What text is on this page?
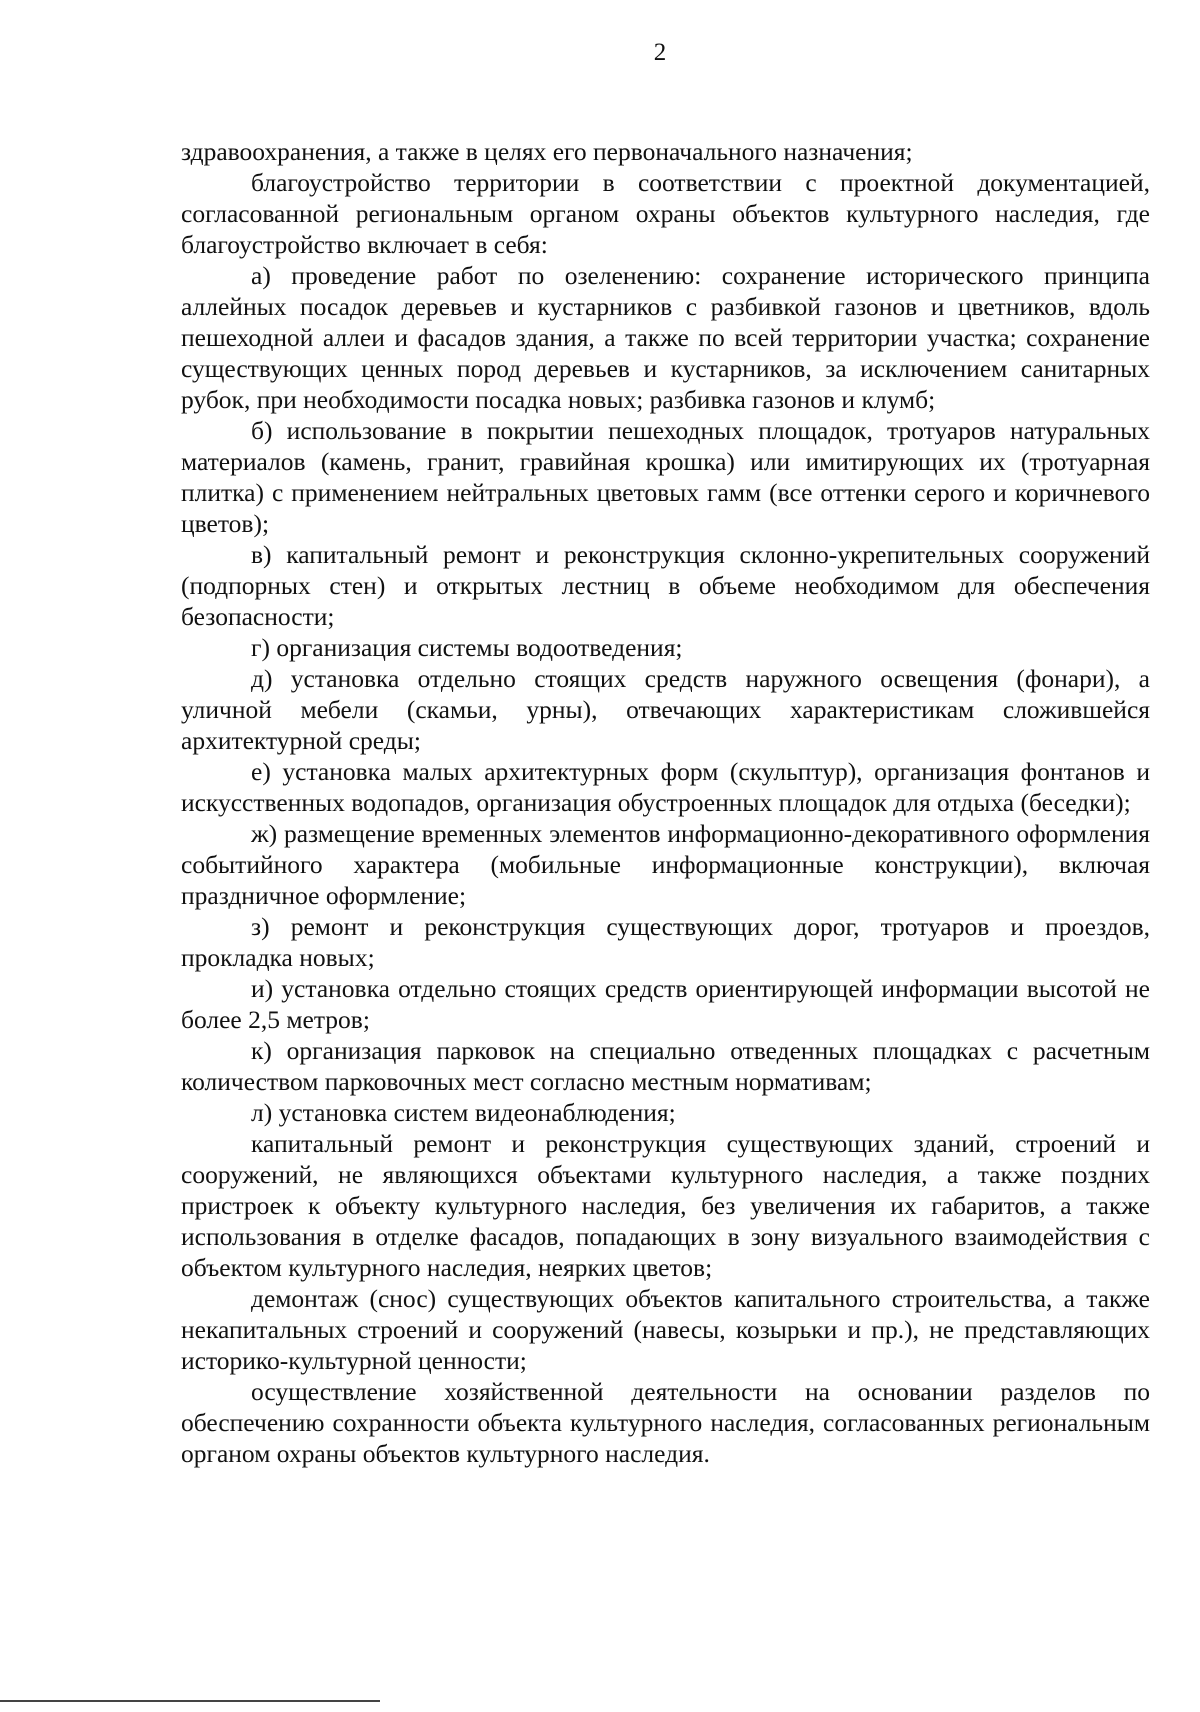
2

здравоохранения, а также в целях его первоначального назначения;

благоустройство территории в соответствии с проектной документацией, согласованной региональным органом охраны объектов культурного наследия, где благоустройство включает в себя:

а) проведение работ по озеленению: сохранение исторического принципа аллейных посадок деревьев и кустарников с разбивкой газонов и цветников, вдоль пешеходной аллеи и фасадов здания, а также по всей территории участка; сохранение существующих ценных пород деревьев и кустарников, за исключением санитарных рубок, при необходимости посадка новых; разбивка газонов и клумб;

б) использование в покрытии пешеходных площадок, тротуаров натуральных материалов (камень, гранит, гравийная крошка) или имитирующих их (тротуарная плитка) с применением нейтральных цветовых гамм (все оттенки серого и коричневого цветов);

в) капитальный ремонт и реконструкция склонно-укрепительных сооружений (подпорных стен) и открытых лестниц в объеме необходимом для обеспечения безопасности;

г) организация системы водоотведения;

д) установка отдельно стоящих средств наружного освещения (фонари), а уличной мебели (скамьи, урны), отвечающих характеристикам сложившейся архитектурной среды;

е) установка малых архитектурных форм (скульптур), организация фонтанов и искусственных водопадов, организация обустроенных площадок для отдыха (беседки);

ж) размещение временных элементов информационно-декоративного оформления событийного характера (мобильные информационные конструкции), включая праздничное оформление;

з) ремонт и реконструкция существующих дорог, тротуаров и проездов, прокладка новых;

и) установка отдельно стоящих средств ориентирующей информации высотой не более 2,5 метров;

к) организация парковок на специально отведенных площадках с расчетным количеством парковочных мест согласно местным нормативам;

л) установка систем видеонаблюдения;

капитальный ремонт и реконструкция существующих зданий, строений и сооружений, не являющихся объектами культурного наследия, а также поздних пристроек к объекту культурного наследия, без увеличения их габаритов, а также использования в отделке фасадов, попадающих в зону визуального взаимодействия с объектом культурного наследия, неярких цветов;

демонтаж (снос) существующих объектов капитального строительства, а также некапитальных строений и сооружений (навесы, козырьки и пр.), не представляющих историко-культурной ценности;

осуществление хозяйственной деятельности на основании разделов по обеспечению сохранности объекта культурного наследия, согласованных региональным органом охраны объектов культурного наследия.
